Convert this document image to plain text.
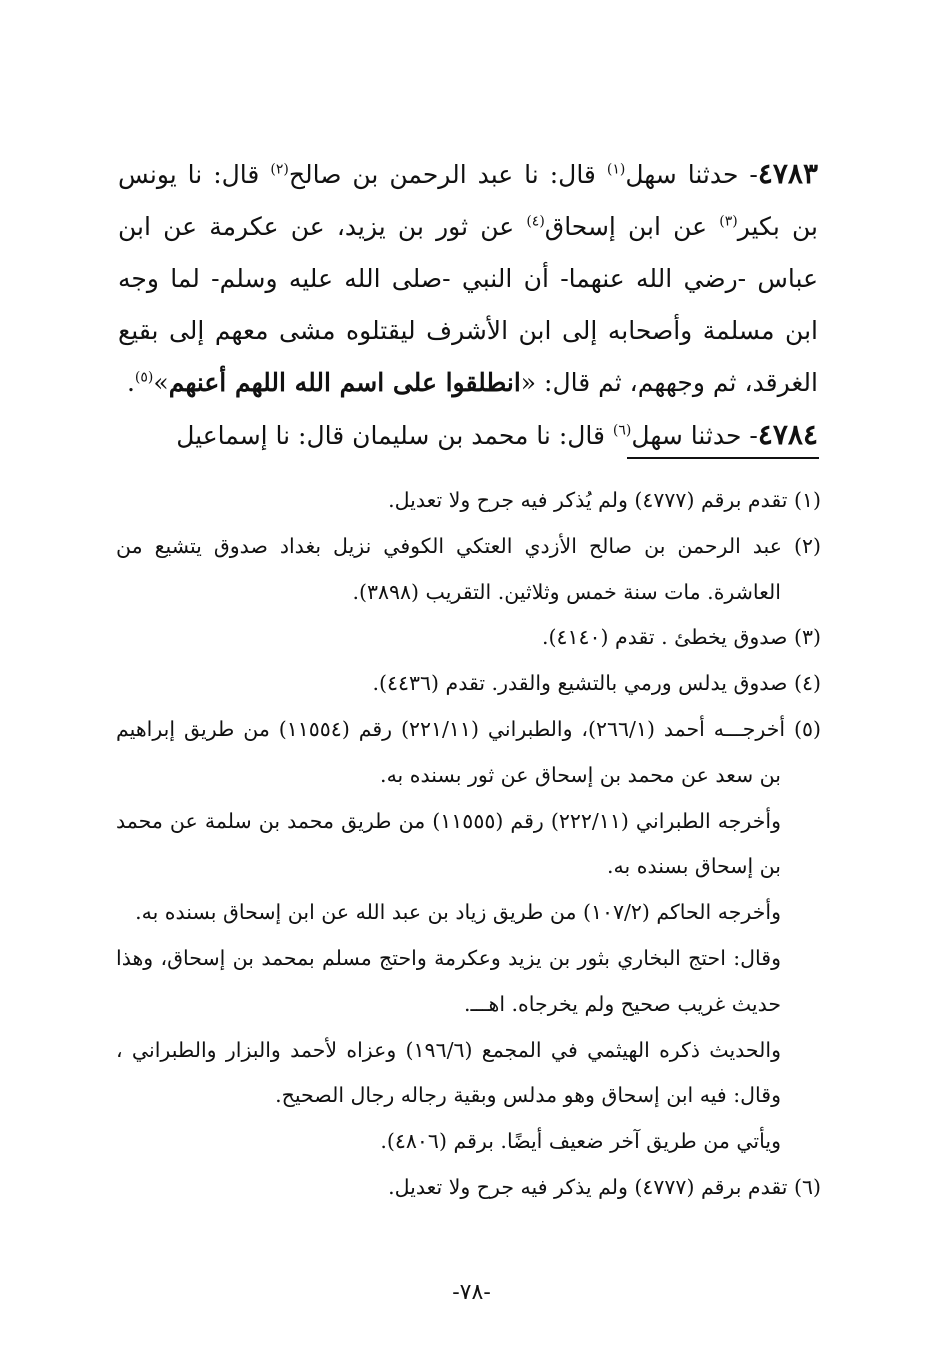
٤٧٨٣- حدثنا سهل$^{(١)}$ قال: نا عبد الرحمن بن صالح$^{(٢)}$ قال: نا يونس بن بكير$^{(٣)}$ عن ابن إسحاق$^{(٤)}$ عن ثور بن يزيد، عن عكرمة عن ابن عباس -رضي الله عنهما- أن النبي -صلى الله عليه وسلم- لما وجه ابن مسلمة وأصحابه إلى ابن الأشرف ليقتلوه مشى معهم إلى بقيع الغرقد، ثم وجههم، ثم قال: «انطلقوا على اسم الله اللهم أعنهم»$^{(٥)}$.

٤٧٨٤- حدثنا سهل$^{(٦)}$ قال: نا محمد بن سليمان قال: نا إسماعيل

(١) تقدم برقم (٤٧٧٧) ولم يُذكر فيه جرح ولا تعديل.

(٢) عبد الرحمن بن صالح الأزدي العتكي الكوفي نزيل بغداد صدوق يتشيع من العاشرة. مات سنة خمس وثلاثين. التقريب (٣٨٩٨).

(٣) صدوق يخطئ . تقدم (٤١٤٠).

(٤) صدوق يدلس ورمي بالتشيع والقدر. تقدم (٤٤٣٦).

(٥) أخرجـــه أحمد (٢٦٦/١)، والطبراني (٢٢١/١١) رقم (١١٥٥٤) من طريق إبراهيم بن سعد عن محمد بن إسحاق عن ثور بسنده به.

وأخرجه الطبراني (٢٢٢/١١) رقم (١١٥٥٥) من طريق محمد بن سلمة عن محمد بن إسحاق بسنده به.

وأخرجه الحاكم (١٠٧/٢) من طريق زياد بن عبد الله عن ابن إسحاق بسنده به.

وقال: احتج البخاري بثور بن يزيد وعكرمة واحتج مسلم بمحمد بن إسحاق، وهذا حديث غريب صحيح ولم يخرجاه. اهـــ.

والحديث ذكره الهيثمي في المجمع (١٩٦/٦) وعزاه لأحمد والبزار والطبراني ، وقال: فيه ابن إسحاق وهو مدلس وبقية رجاله رجال الصحيح.

ويأتي من طريق آخر ضعيف أيضًا. برقم (٤٨٠٦).

(٦) تقدم برقم (٤٧٧٧) ولم يذكر فيه جرح ولا تعديل.

-٧٨-
